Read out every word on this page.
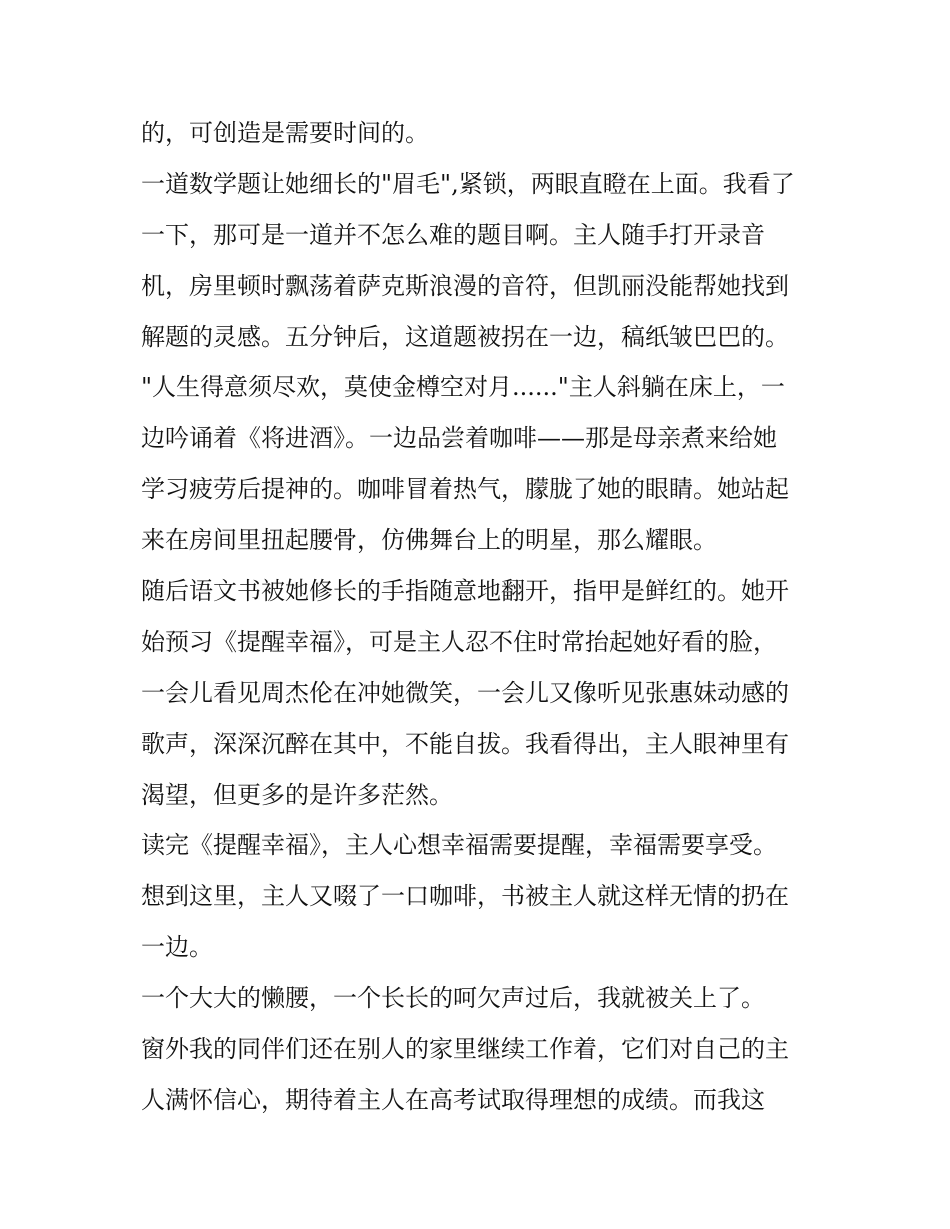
的，可创造是需要时间的。
一道数学题让她细长的"眉毛",紧锁，两眼直瞪在上面。我看了
一下，那可是一道并不怎么难的题目啊。主人随手打开录音
机，房里顿时飘荡着萨克斯浪漫的音符，但凯丽没能帮她找到
解题的灵感。五分钟后，这道题被拐在一边，稿纸皱巴巴的。
"人生得意须尽欢，莫使金樽空对月......"主人斜躺在床上，一
边吟诵着《将进酒》。一边品尝着咖啡——那是母亲煮来给她
学习疲劳后提神的。咖啡冒着热气，朦胧了她的眼睛。她站起
来在房间里扭起腰骨，仿佛舞台上的明星，那么耀眼。
随后语文书被她修长的手指随意地翻开，指甲是鲜红的。她开
始预习《提醒幸福》，可是主人忍不住时常抬起她好看的脸，
一会儿看见周杰伦在冲她微笑，一会儿又像听见张惠妹动感的
歌声，深深沉醉在其中，不能自拔。我看得出，主人眼神里有
渴望，但更多的是许多茫然。
读完《提醒幸福》，主人心想幸福需要提醒，幸福需要享受。
想到这里，主人又啜了一口咖啡，书被主人就这样无情的扔在
一边。
一个大大的懒腰，一个长长的呵欠声过后，我就被关上了。
窗外我的同伴们还在别人的家里继续工作着，它们对自己的主
人满怀信心，期待着主人在高考试取得理想的成绩。而我这
